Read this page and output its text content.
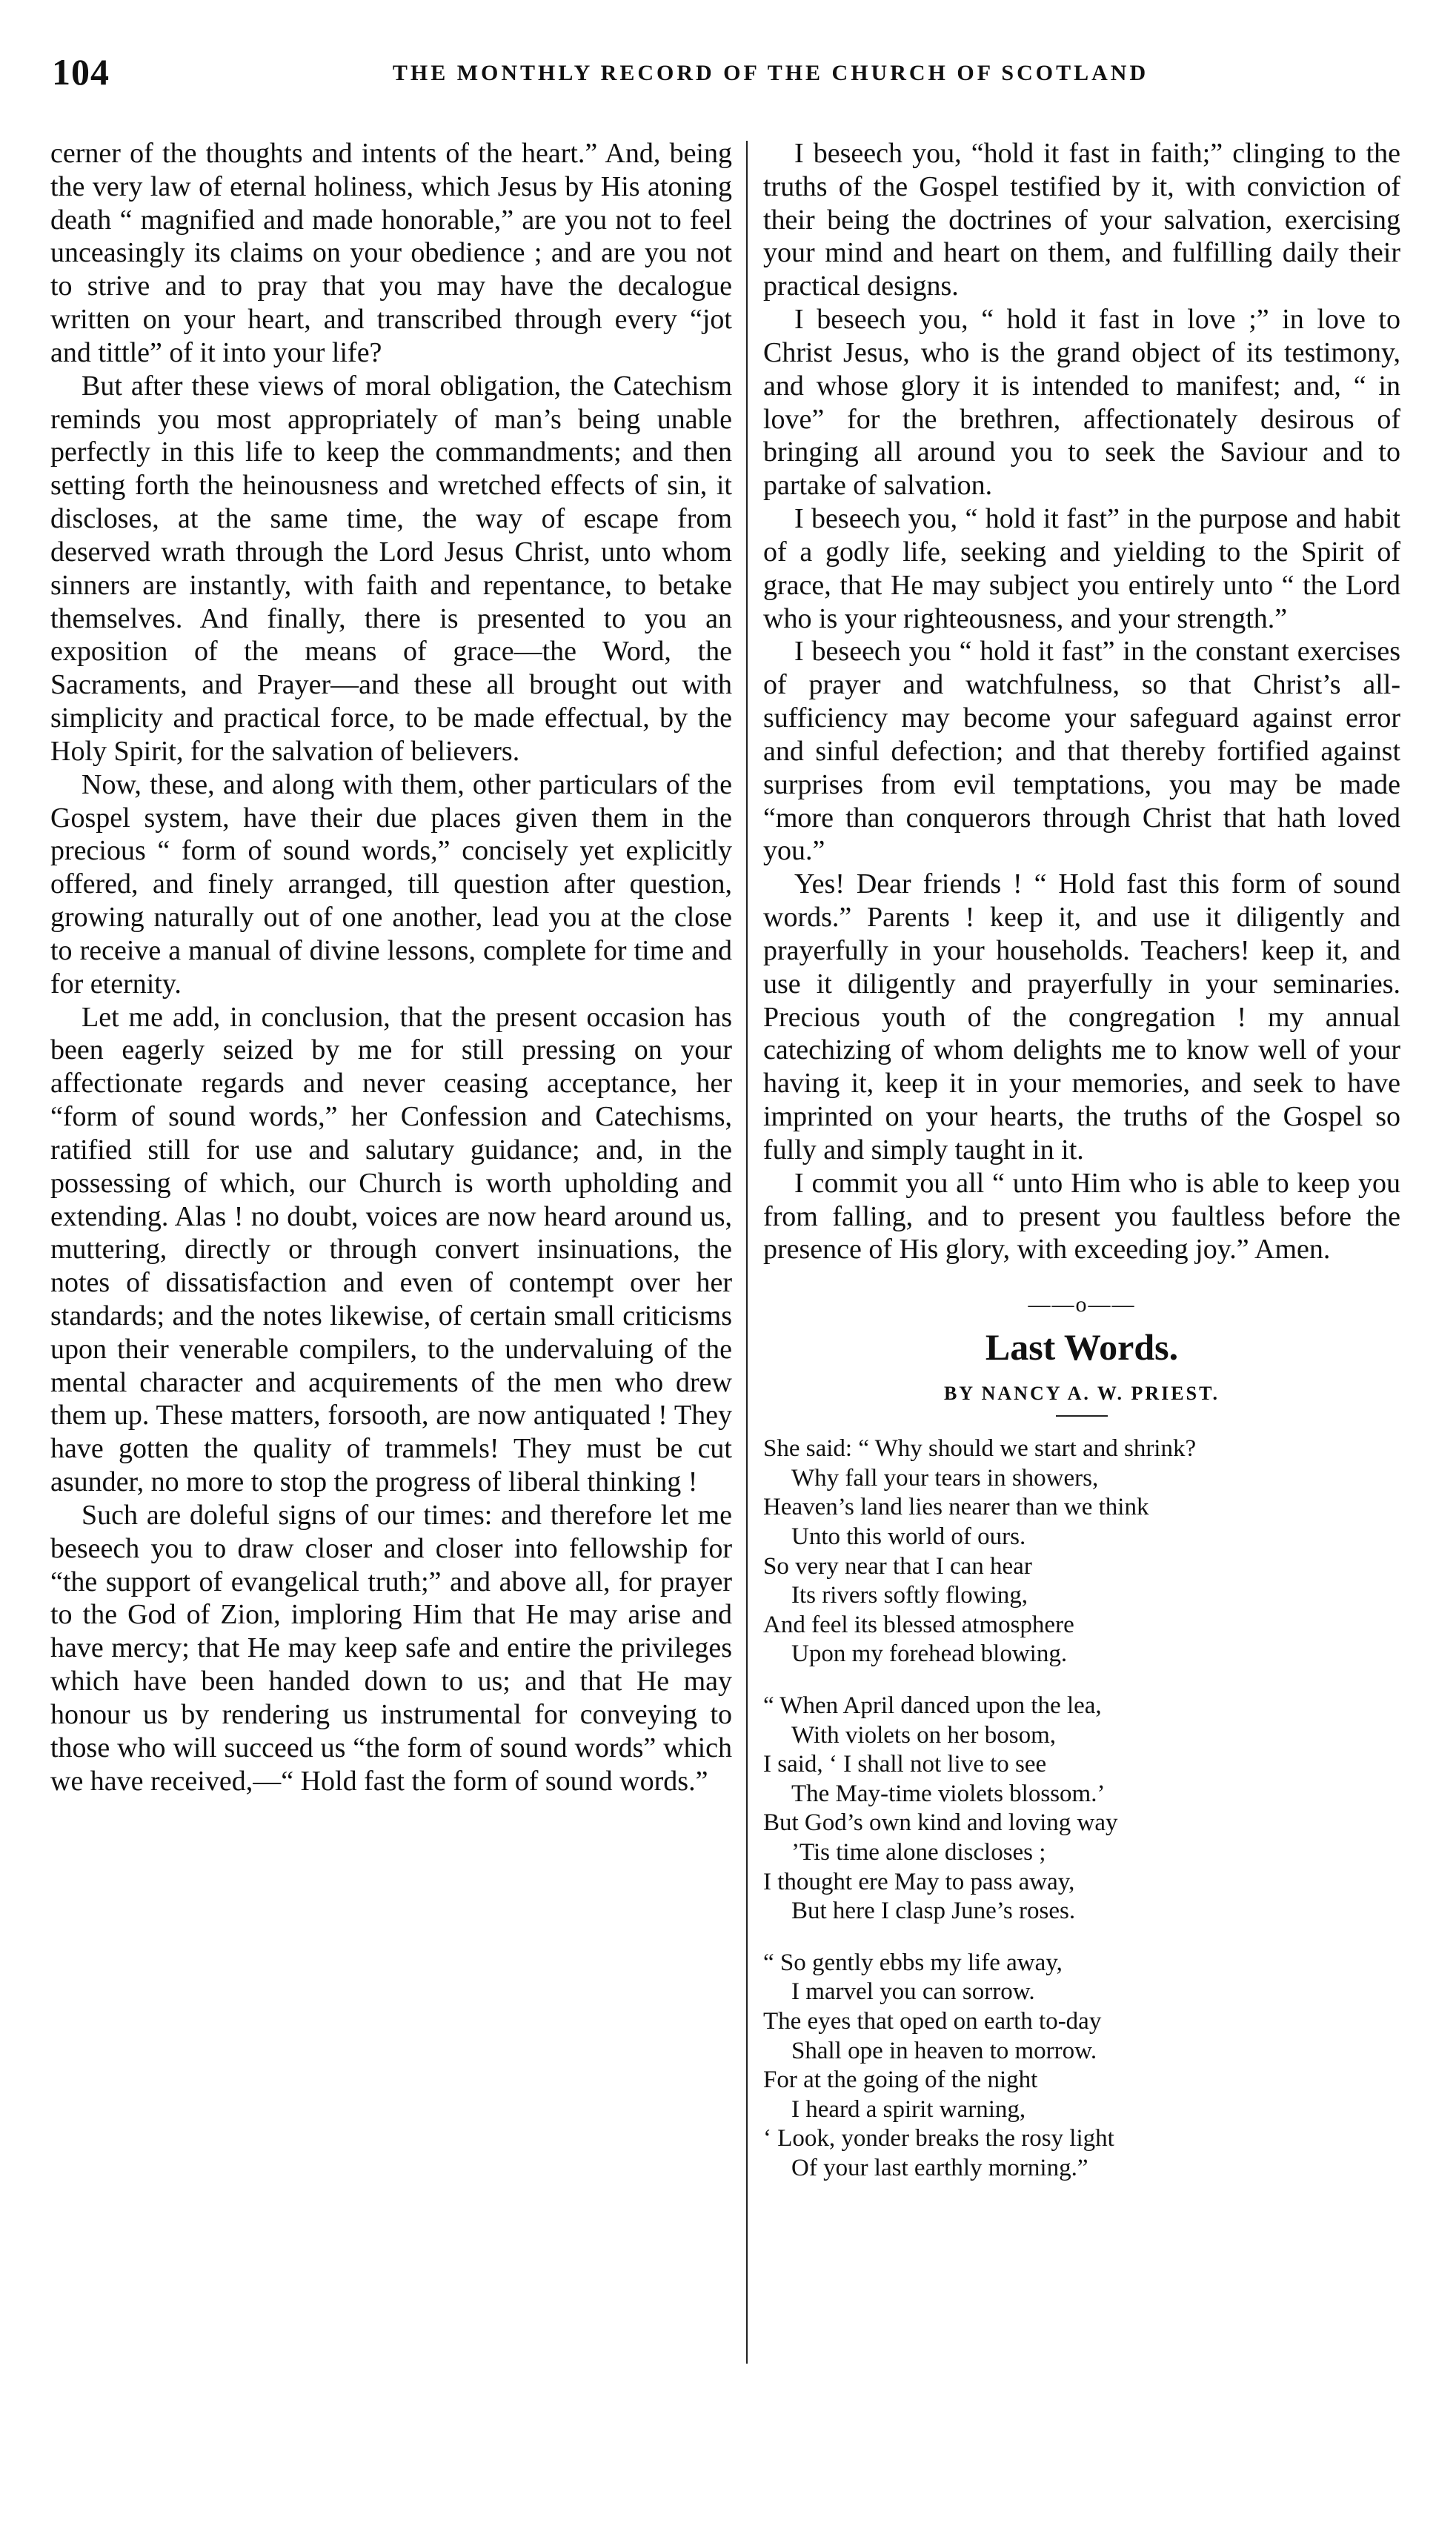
104	THE MONTHLY RECORD OF THE CHURCH OF SCOTLAND

cerner of the thoughts and intents of the heart.” And, being the very law of eternal holiness, which Jesus by His atoning death “ magnified and made honorable,” are you not to feel unceasingly its claims on your obedience ; and are you not to strive and to pray that you may have the decalogue written on your heart, and transcribed through every “jot and tittle” of it into your life?

But after these views of moral obligation, the Catechism reminds you most appropriately of man’s being unable perfectly in this life to keep the commandments; and then setting forth the heinousness and wretched effects of sin, it discloses, at the same time, the way of escape from deserved wrath through the Lord Jesus Christ, unto whom sinners are instantly, with faith and repentance, to betake themselves. And finally, there is presented to you an exposition of the means of grace—the Word, the Sacraments, and Prayer—and these all brought out with simplicity and practical force, to be made effectual, by the Holy Spirit, for the salvation of believers.

Now, these, and along with them, other particulars of the Gospel system, have their due places given them in the precious “ form of sound words,” concisely yet explicitly offered, and finely arranged, till question after question, growing naturally out of one another, lead you at the close to receive a manual of divine lessons, complete for time and for eternity.

Let me add, in conclusion, that the present occasion has been eagerly seized by me for still pressing on your affectionate regards and never ceasing acceptance, her “form of sound words,” her Confession and Catechisms, ratified still for use and salutary guidance; and, in the possessing of which, our Church is worth upholding and extending. Alas ! no doubt, voices are now heard around us, muttering, directly or through convert insinuations, the notes of dissatisfaction and even of contempt over her standards; and the notes likewise, of certain small criticisms upon their venerable compilers, to the undervaluing of the mental character and acquirements of the men who drew them up. These matters, forsooth, are now antiquated ! They have gotten the quality of trammels! They must be cut asunder, no more to stop the progress of liberal thinking !

Such are doleful signs of our times: and therefore let me beseech you to draw closer and closer into fellowship for “the support of evangelical truth;” and above all, for prayer to the God of Zion, imploring Him that He may arise and have mercy; that He may keep safe and entire the privileges which have been handed down to us; and that He may honour us by rendering us instrumental for conveying to those who will succeed us “the form of sound words” which we have received,—“ Hold fast the form of sound words.”

I beseech you, “hold it fast in faith;” clinging to the truths of the Gospel testified by it, with conviction of their being the doctrines of your salvation, exercising your mind and heart on them, and fulfilling daily their practical designs.

I beseech you, “ hold it fast in love ;” in love to Christ Jesus, who is the grand object of its testimony, and whose glory it is intended to manifest; and, “ in love” for the brethren, affectionately desirous of bringing all around you to seek the Saviour and to partake of salvation.

I beseech you, “ hold it fast” in the purpose and habit of a godly life, seeking and yielding to the Spirit of grace, that He may subject you entirely unto “ the Lord who is your righteousness, and your strength.”

I beseech you “ hold it fast” in the constant exercises of prayer and watchfulness, so that Christ’s all-sufficiency may become your safeguard against error and sinful defection; and that thereby fortified against surprises from evil temptations, you may be made “more than conquerors through Christ that hath loved you.”

Yes! Dear friends ! “ Hold fast this form of sound words.” Parents ! keep it, and use it diligently and prayerfully in your households. Teachers! keep it, and use it diligently and prayerfully in your seminaries. Precious youth of the congregation ! my annual catechizing of whom delights me to know well of your having it, keep it in your memories, and seek to have imprinted on your hearts, the truths of the Gospel so fully and simply taught in it.

I commit you all “ unto Him who is able to keep you from falling, and to present you faultless before the presence of His glory, with exceeding joy.” Amen.

——o——
Last Words.
BY NANCY A. W. PRIEST.
She said: “ Why should we start and shrink?
Why fall your tears in showers,
Heaven’s land lies nearer than we think
Unto this world of ours.
So very near that I can hear
Its rivers softly flowing,
And feel its blessed atmosphere
Upon my forehead blowing.
“ When April danced upon the lea,
With violets on her bosom,
I said, ‘ I shall not live to see
The May-time violets blossom.’
But God’s own kind and loving way
’Tis time alone discloses ;
I thought ere May to pass away,
But here I clasp June’s roses.
“ So gently ebbs my life away,
I marvel you can sorrow.
The eyes that oped on earth to-day
Shall ope in heaven to morrow.
For at the going of the night
I heard a spirit warning,
‘ Look, yonder breaks the rosy light
Of your last earthly morning.”
